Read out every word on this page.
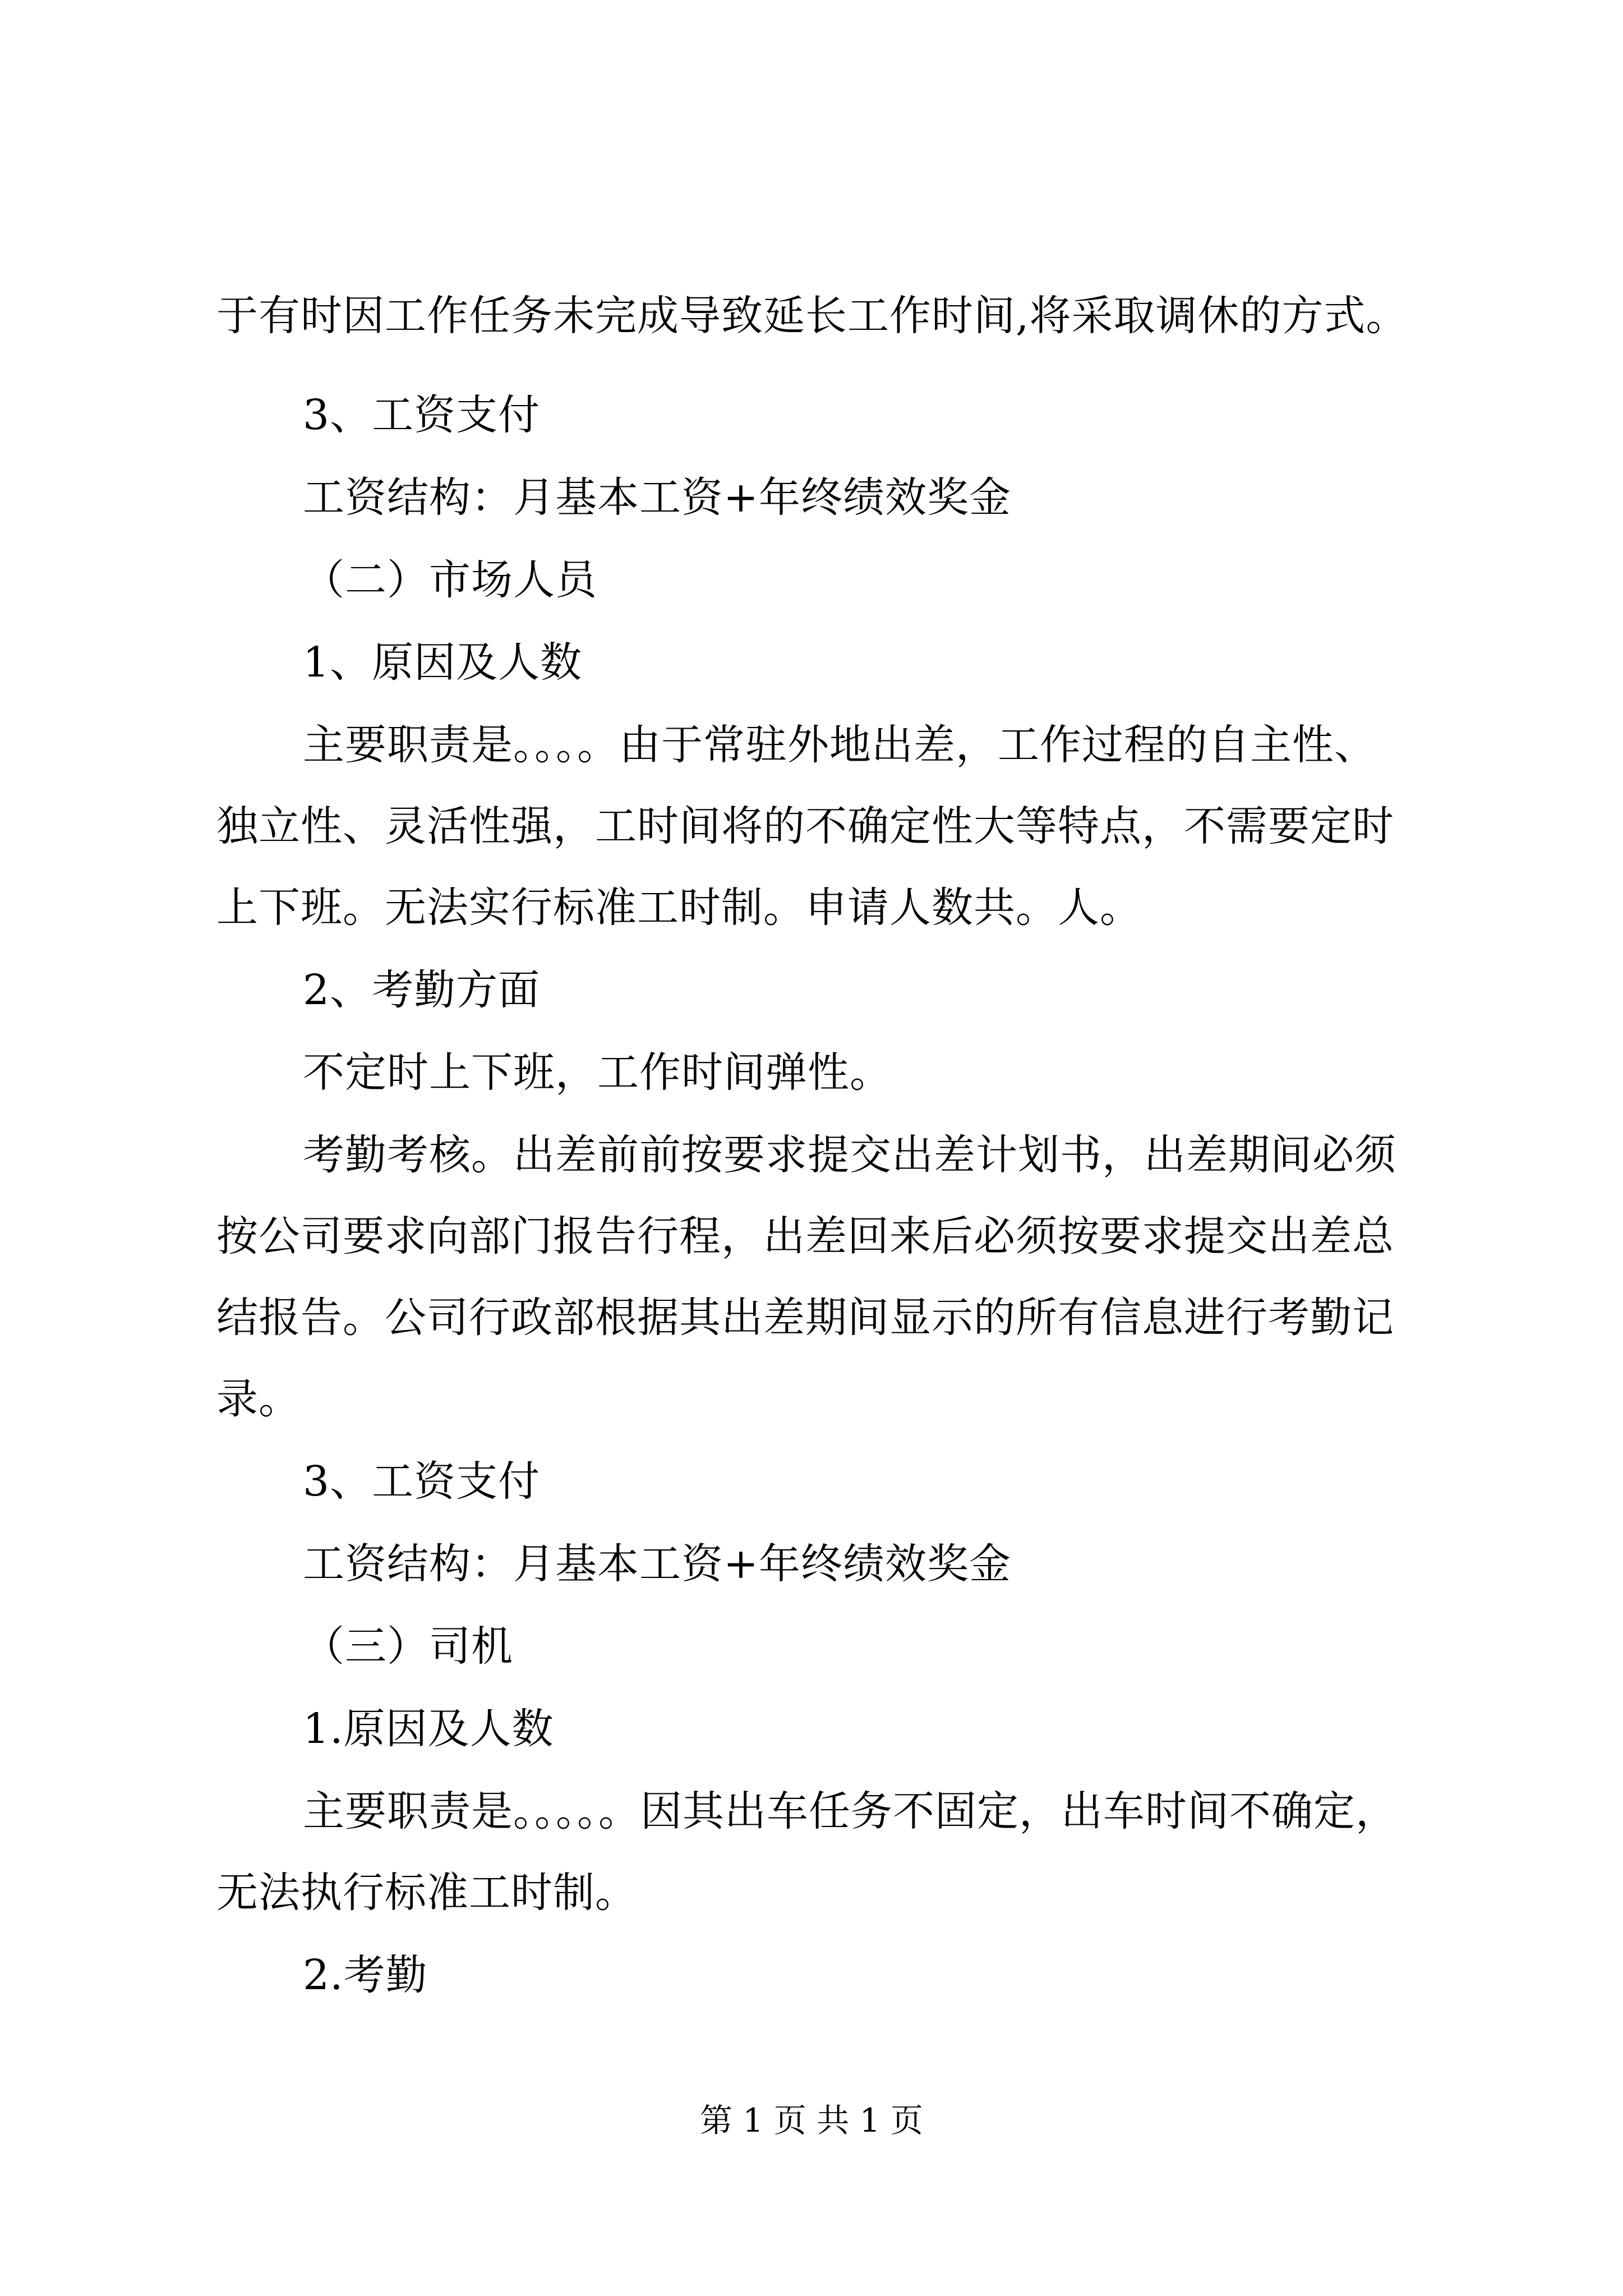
于有时因工作任务未完成导致延长工作时间,将采取调休的方式。

3、工资支付

工资结构：月基本工资+年终绩效奖金

（二）市场人员

1、原因及人数

主要职责是。。。。由于常驻外地出差，工作过程的自主性、

独立性、灵活性强，工时间将的不确定性大等特点，不需要定时

上下班。无法实行标准工时制。申请人数共。人。

2、考勤方面

不定时上下班，工作时间弹性。

考勤考核。出差前前按要求提交出差计划书，出差期间必须

按公司要求向部门报告行程，出差回来后必须按要求提交出差总

结报告。公司行政部根据其出差期间显示的所有信息进行考勤记

录。

3、工资支付

工资结构：月基本工资+年终绩效奖金

（三）司机

1.原因及人数

主要职责是。。。。。因其出车任务不固定，出车时间不确定，

无法执行标准工时制。

2.考勤

第 1 页 共 1 页
